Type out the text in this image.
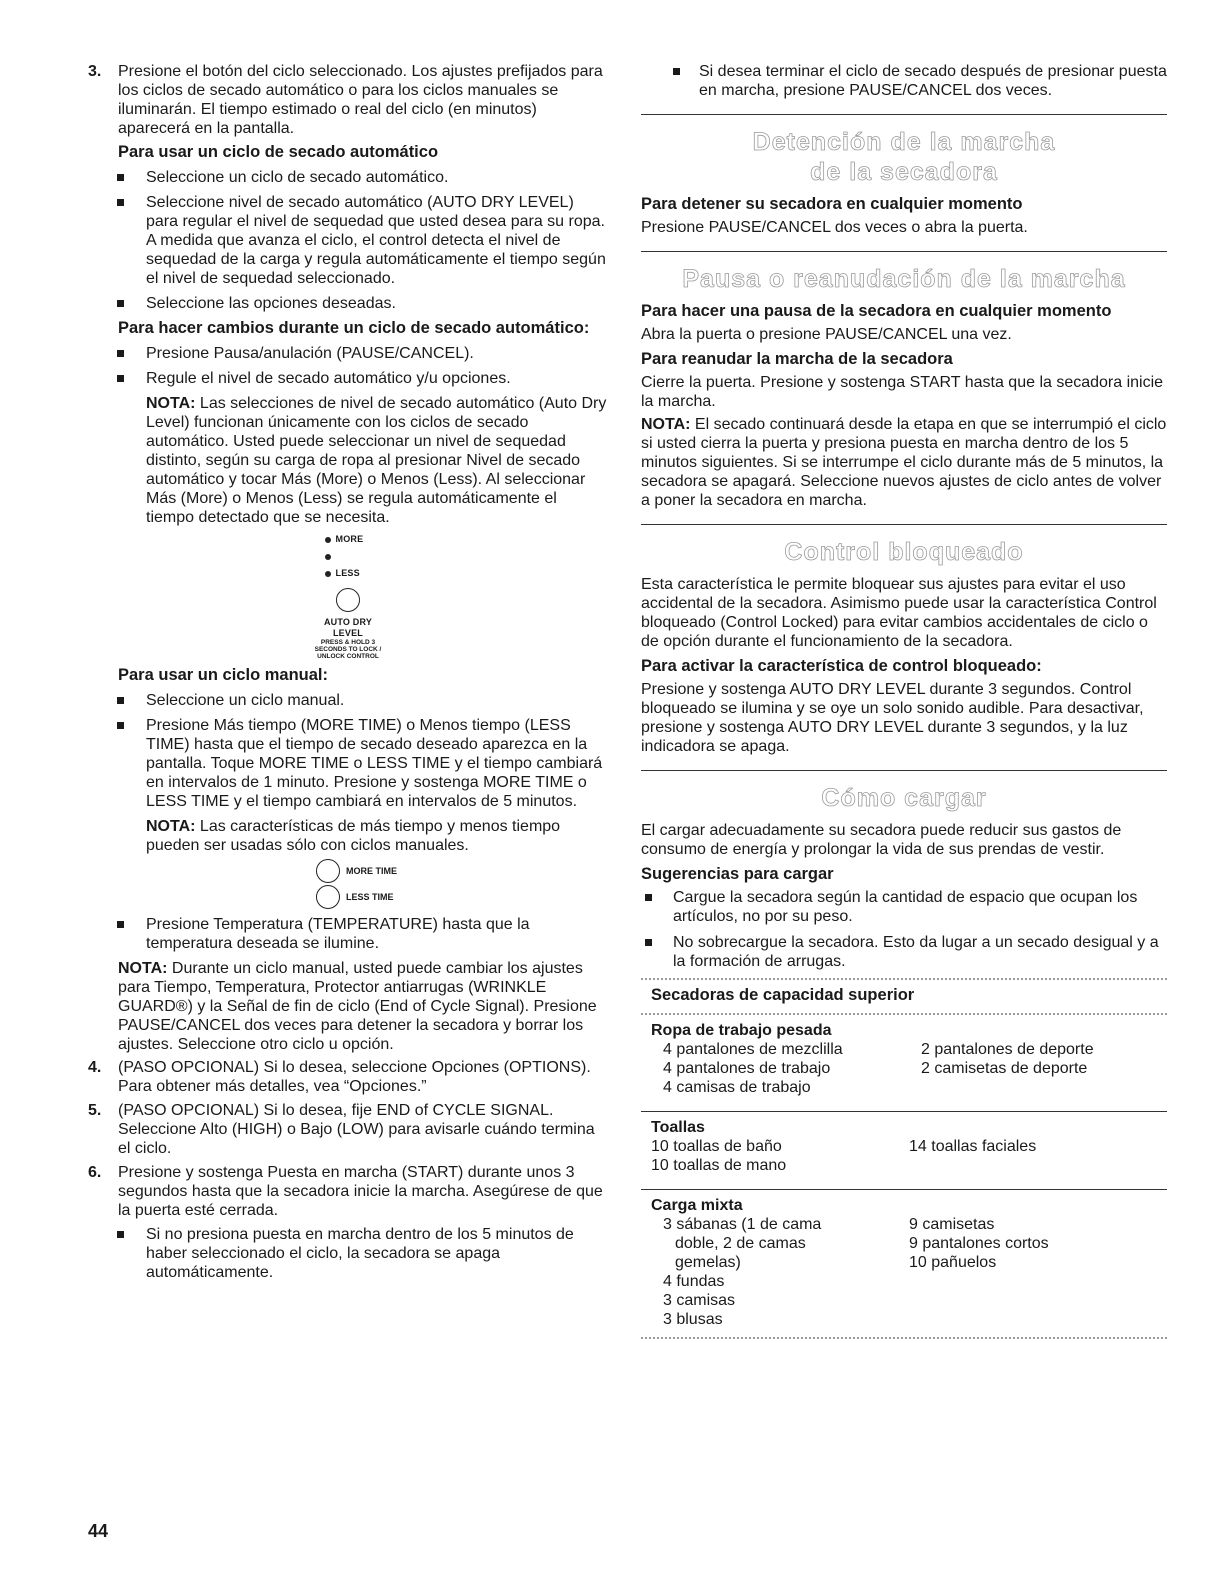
3. Presione el botón del ciclo seleccionado. Los ajustes prefijados para los ciclos de secado automático o para los ciclos manuales se iluminarán. El tiempo estimado o real del ciclo (en minutos) aparecerá en la pantalla.

Para usar un ciclo de secado automático

Seleccione un ciclo de secado automático.

Seleccione nivel de secado automático (AUTO DRY LEVEL) para regular el nivel de sequedad que usted desea para su ropa. A medida que avanza el ciclo, el control detecta el nivel de sequedad de la carga y regula automáticamente el tiempo según el nivel de sequedad seleccionado.

Seleccione las opciones deseadas.

Para hacer cambios durante un ciclo de secado automático:

Presione Pausa/anulación (PAUSE/CANCEL).

Regule el nivel de secado automático y/u opciones.

NOTA: Las selecciones de nivel de secado automático (Auto Dry Level) funcionan únicamente con los ciclos de secado automático. Usted puede seleccionar un nivel de sequedad distinto, según su carga de ropa al presionar Nivel de secado automático y tocar Más (More) o Menos (Less). Al seleccionar Más (More) o Menos (Less) se regula automáticamente el tiempo detectado que se necesita.

MORE
LESS
AUTO DRY
LEVEL
PRESS & HOLD 3
SECONDS TO LOCK /
UNLOCK CONTROL

Para usar un ciclo manual:

Seleccione un ciclo manual.

Presione Más tiempo (MORE TIME) o Menos tiempo (LESS TIME) hasta que el tiempo de secado deseado aparezca en la pantalla. Toque MORE TIME o LESS TIME y el tiempo cambiará en intervalos de 1 minuto. Presione y sostenga MORE TIME o LESS TIME y el tiempo cambiará en intervalos de 5 minutos.

NOTA: Las características de más tiempo y menos tiempo pueden ser usadas sólo con ciclos manuales.

MORE TIME
LESS TIME

Presione Temperatura (TEMPERATURE) hasta que la temperatura deseada se ilumine.

NOTA: Durante un ciclo manual, usted puede cambiar los ajustes para Tiempo, Temperatura, Protector antiarrugas (WRINKLE GUARD®) y la Señal de fin de ciclo (End of Cycle Signal). Presione PAUSE/CANCEL dos veces para detener la secadora y borrar los ajustes. Seleccione otro ciclo u opción.

4. (PASO OPCIONAL) Si lo desea, seleccione Opciones (OPTIONS). Para obtener más detalles, vea “Opciones.”

5. (PASO OPCIONAL) Si lo desea, fije END of CYCLE SIGNAL. Seleccione Alto (HIGH) o Bajo (LOW) para avisarle cuándo termina el ciclo.

6. Presione y sostenga Puesta en marcha (START) durante unos 3 segundos hasta que la secadora inicie la marcha. Asegúrese de que la puerta esté cerrada.

Si no presiona puesta en marcha dentro de los 5 minutos de haber seleccionado el ciclo, la secadora se apaga automáticamente.

Si desea terminar el ciclo de secado después de presionar puesta en marcha, presione PAUSE/CANCEL dos veces.

Detención de la marcha
de la secadora

Para detener su secadora en cualquier momento

Presione PAUSE/CANCEL dos veces o abra la puerta.

Pausa o reanudación de la marcha

Para hacer una pausa de la secadora en cualquier momento

Abra la puerta o presione PAUSE/CANCEL una vez.

Para reanudar la marcha de la secadora

Cierre la puerta. Presione y sostenga START hasta que la secadora inicie la marcha.

NOTA: El secado continuará desde la etapa en que se interrumpió el ciclo si usted cierra la puerta y presiona puesta en marcha dentro de los 5 minutos siguientes. Si se interrumpe el ciclo durante más de 5 minutos, la secadora se apagará. Seleccione nuevos ajustes de ciclo antes de volver a poner la secadora en marcha.

Control bloqueado

Esta característica le permite bloquear sus ajustes para evitar el uso accidental de la secadora. Asimismo puede usar la característica Control bloqueado (Control Locked) para evitar cambios accidentales de ciclo o de opción durante el funcionamiento de la secadora.

Para activar la característica de control bloqueado:

Presione y sostenga AUTO DRY LEVEL durante 3 segundos. Control bloqueado se ilumina y se oye un solo sonido audible. Para desactivar, presione y sostenga AUTO DRY LEVEL durante 3 segundos, y la luz indicadora se apaga.

Cómo cargar

El cargar adecuadamente su secadora puede reducir sus gastos de consumo de energía y prolongar la vida de sus prendas de vestir.

Sugerencias para cargar

Cargue la secadora según la cantidad de espacio que ocupan los artículos, no por su peso.

No sobrecargue la secadora. Esto da lugar a un secado desigual y a la formación de arrugas.

Secadoras de capacidad superior

Ropa de trabajo pesada
4 pantalones de mezclilla
4 pantalones de trabajo
4 camisas de trabajo
2 pantalones de deporte
2 camisetas de deporte
Toallas
10 toallas de baño
10 toallas de mano
14 toallas faciales
Carga mixta
3 sábanas (1 de cama
doble, 2 de camas
gemelas)
4 fundas
3 camisas
3 blusas
9 camisetas
9 pantalones cortos
10 pañuelos
44
